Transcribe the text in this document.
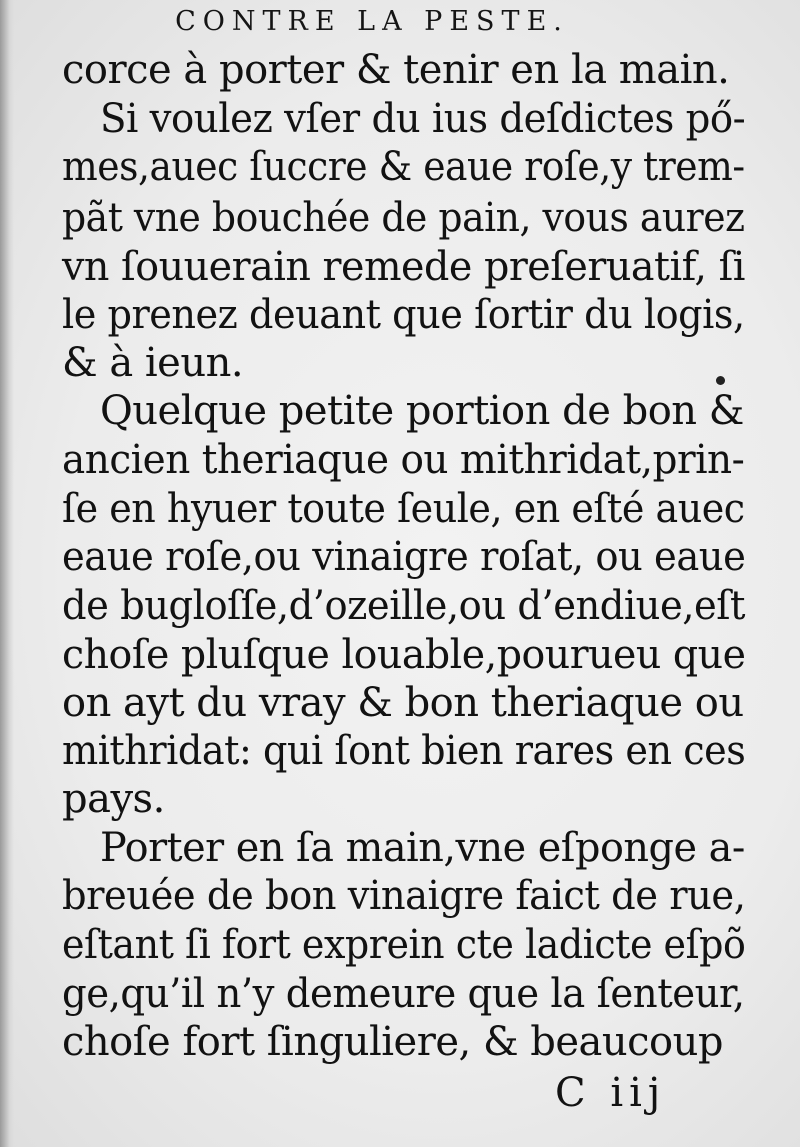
CONTRE LA PESTE.
corce à porter & tenir en la main.
Si voulez vſer du ius deſdictes pő-
mes,auec ſuccre & eaue roſe,y trem-
pãt vne bouchée de pain, vous aurez
vn ſouuerain remede preſeruatif, ſi
le prenez deuant que ſortir du logis,
& à ieun.
Quelque petite portion de bon &
ancien theriaque ou mithridat,prin-
ſe en hyuer toute ſeule, en eſté auec
eaue roſe,ou vinaigre roſat, ou eaue
de bugloſſe,d’ozeille,ou d’endiue,eſt
choſe pluſque louable,pourueu que
on ayt du vray & bon theriaque ou
mithridat: qui ſont bien rares en ces
pays.
Porter en ſa main,vne eſponge a-
breuée de bon vinaigre faict de rue,
eſtant ſi fort exprein cte ladicte eſpõ
ge,qu’il n’y demeure que la ſenteur,
choſe fort ſinguliere, & beaucoup
C iij
